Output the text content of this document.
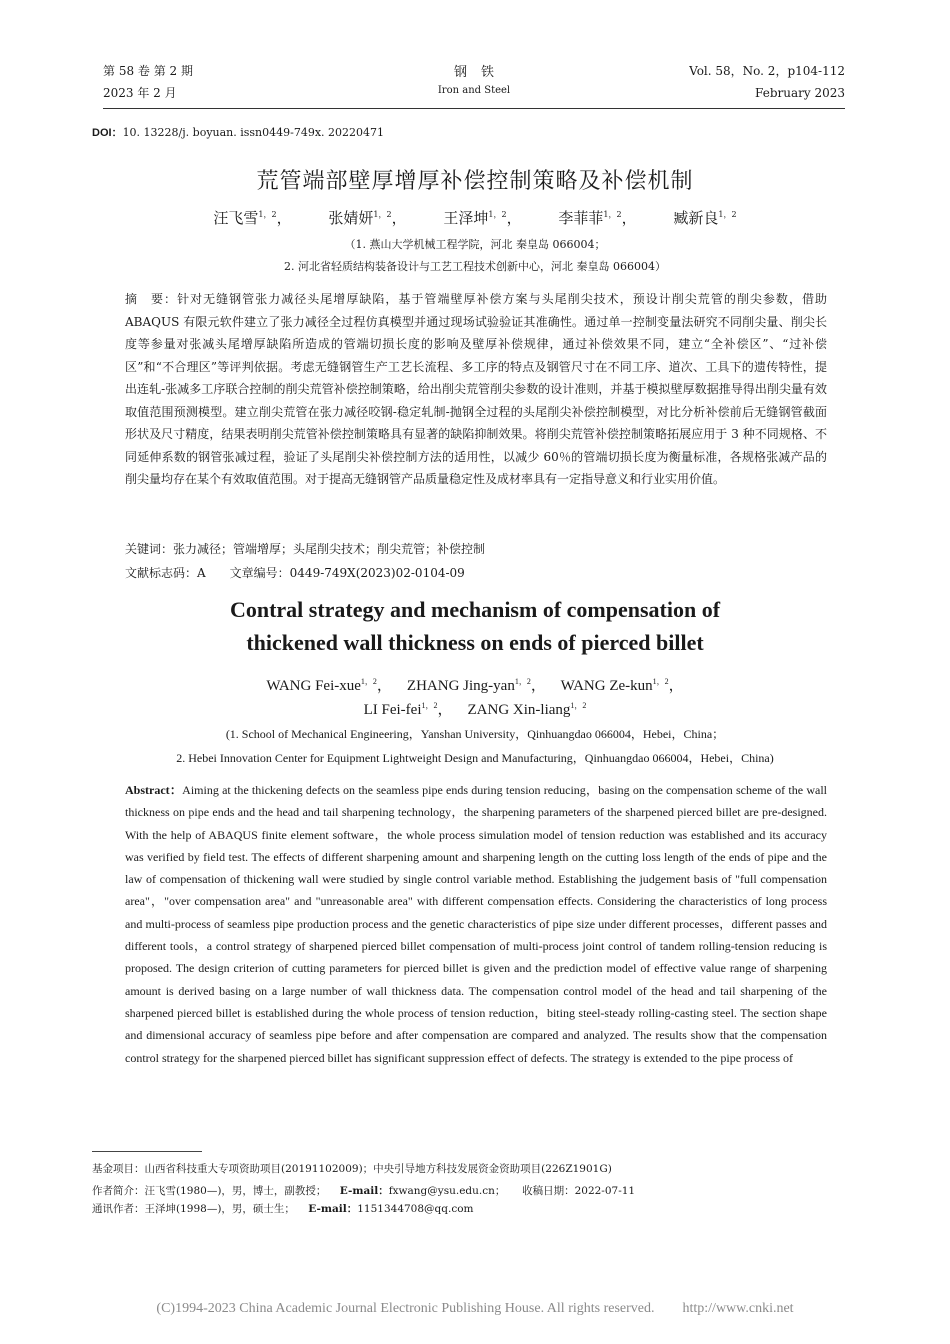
第 58 卷 第 2 期
2023 年 2 月
钢铁
Iron and Steel
Vol. 58，No. 2，p104-112
February 2023
DOI：10. 13228/j. boyuan. issn0449-749x. 20220471
荒管端部壁厚增厚补偿控制策略及补偿机制
汪飞雪$^{1,2}$， 张婧妍$^{1,2}$， 王泽坤$^{1,2}$， 李菲菲$^{1,2}$， 臧新良$^{1,2}$
（1. 燕山大学机械工程学院，河北 秦皇岛 066004；
2. 河北省轻质结构装备设计与工艺工程技术创新中心，河北 秦皇岛 066004）
摘　要：针对无缝钢管张力减径头尾增厚缺陷，基于管端壁厚补偿方案与头尾削尖技术，预设计削尖荒管的削尖参数，借助 ABAQUS 有限元软件建立了张力减径全过程仿真模型并通过现场试验验证其准确性。通过单一控制变量法研究不同削尖量、削尖长度等参量对张减头尾增厚缺陷所造成的管端切损长度的影响及壁厚补偿规律，通过补偿效果不同，建立“全补偿区”、“过补偿区”和“不合理区”等评判依据。考虑无缝钢管生产工艺长流程、多工序的特点及钢管尺寸在不同工序、道次、工具下的遗传特性，提出连轧-张减多工序联合控制的削尖荒管补偿控制策略，给出削尖荒管削尖参数的设计准则，并基于模拟壁厚数据推导得出削尖量有效取值范围预测模型。建立削尖荒管在张力减径咬钢-稳定轧制-抛钢全过程的头尾削尖补偿控制模型，对比分析补偿前后无缝钢管截面形状及尺寸精度，结果表明削尖荒管补偿控制策略具有显著的缺陷抑制效果。将削尖荒管补偿控制策略拓展应用于 3 种不同规格、不同延伸系数的钢管张减过程，验证了头尾削尖补偿控制方法的适用性，以减少 60％的管端切损长度为衡量标准，各规格张减产品的削尖量均存在某个有效取值范围。对于提高无缝钢管产品质量稳定性及成材率具有一定指导意义和行业实用价值。
关键词：张力减径；管端增厚；头尾削尖技术；削尖荒管；补偿控制
文献标志码：A　　文章编号：0449-749X(2023)02-0104-09
Contral strategy and mechanism of compensation of
thickened wall thickness on ends of pierced billet
WANG Fei-xue$^{1,2}$， ZHANG Jing-yan$^{1,2}$， WANG Ze-kun$^{1,2}$，
LI Fei-fei$^{1,2}$， ZANG Xin-liang$^{1,2}$
(1. School of Mechanical Engineering，Yanshan University，Qinhuangdao 066004，Hebei，China；
2. Hebei Innovation Center for Equipment Lightweight Design and Manufacturing，Qinhuangdao 066004，Hebei，China)
Abstract：Aiming at the thickening defects on the seamless pipe ends during tension reducing，basing on the compensation scheme of the wall thickness on pipe ends and the head and tail sharpening technology，the sharpening parameters of the sharpened pierced billet are pre-designed. With the help of ABAQUS finite element software，the whole process simulation model of tension reduction was established and its accuracy was verified by field test. The effects of different sharpening amount and sharpening length on the cutting loss length of the ends of pipe and the law of compensation of thickening wall were studied by single control variable method. Establishing the judgement basis of "full compensation area"，"over compensation area" and "unreasonable area" with different compensation effects. Considering the characteristics of long process and multi-process of seamless pipe production process and the genetic characteristics of pipe size under different processes，different passes and different tools，a control strategy of sharpened pierced billet compensation of multi-process joint control of tandem rolling-tension reducing is proposed. The design criterion of cutting parameters for pierced billet is given and the prediction model of effective value range of sharpening amount is derived basing on a large number of wall thickness data. The compensation control model of the head and tail sharpening of the sharpened pierced billet is established during the whole process of tension reduction，biting steel-steady rolling-casting steel. The section shape and dimensional accuracy of seamless pipe before and after compensation are compared and analyzed. The results show that the compensation control strategy for the sharpened pierced billet has significant suppression effect of defects. The strategy is extended to the pipe process of
基金项目：山西省科技重大专项资助项目(20191102009)；中央引导地方科技发展资金资助项目(226Z1901G)
作者简介：汪飞雪(1980—)，男，博士，副教授； E-mail：fxwang@ysu.edu.cn； 收稿日期：2022-07-11
通讯作者：王泽坤(1998—)，男，硕士生； E-mail：1151344708@qq.com
(C)1994-2023 China Academic Journal Electronic Publishing House. All rights reserved.　　http://www.cnki.net
